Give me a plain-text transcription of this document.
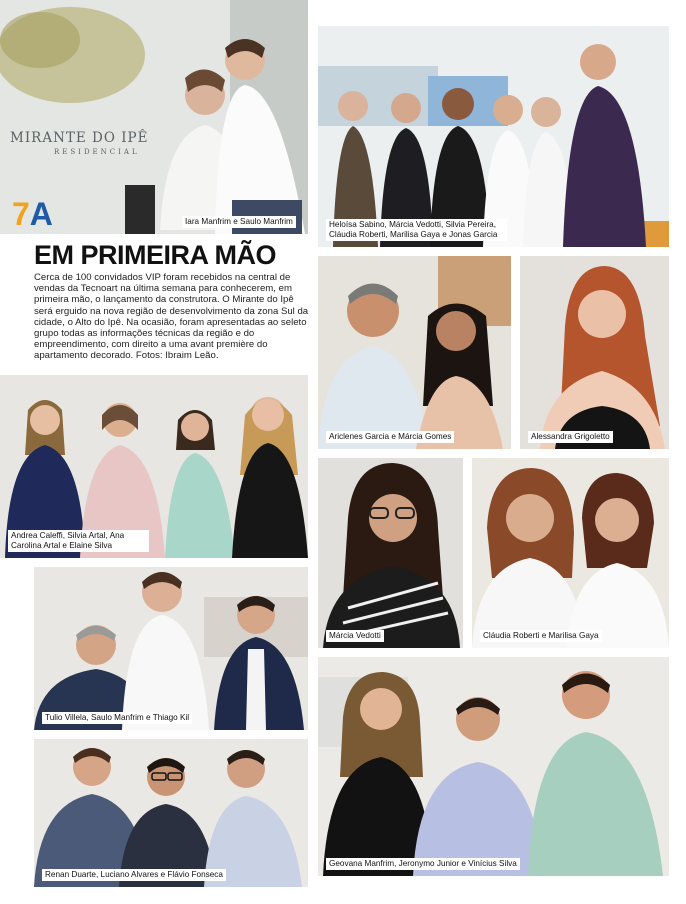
MIRANTE DO IPÊ
RESIDENCIAL
7A	Iara Manfrim e Saulo Manfrim	Heloísa Sabino, Márcia Vedotti, Silvia Pereira, Cláudia Roberti, Marilisa Gaya e Jonas Garcia
EM PRIMEIRA MÃO
Cerca de 100 convidados VIP foram recebidos na central de vendas da Tecnoart na última semana para conhecerem, em primeira mão, o lançamento da construtora. O Mirante do Ipê será erguido na nova região de desenvolvimento da zona Sul da cidade, o Alto do Ipê. Na ocasião, foram apresentadas ao seleto grupo todas as informações técnicas da região e do empreendimento, com direito a uma avant première do apartamento decorado. Fotos: Ibraim Leão.
Ariclenes Garcia e Márcia Gomes	Alessandra Grigoletto
Andrea Caleffi, Silvia Artal, Ana Carolina Artal e Elaine Silva
Márcia Vedotti	Cláudia Roberti e Marilisa Gaya
Tulio Villela, Saulo Manfrim e Thiago Kil
Geovana Manfrim, Jeronymo Junior e Vinícius Silva
Renan Duarte, Luciano Alvares e Flávio Fonseca
